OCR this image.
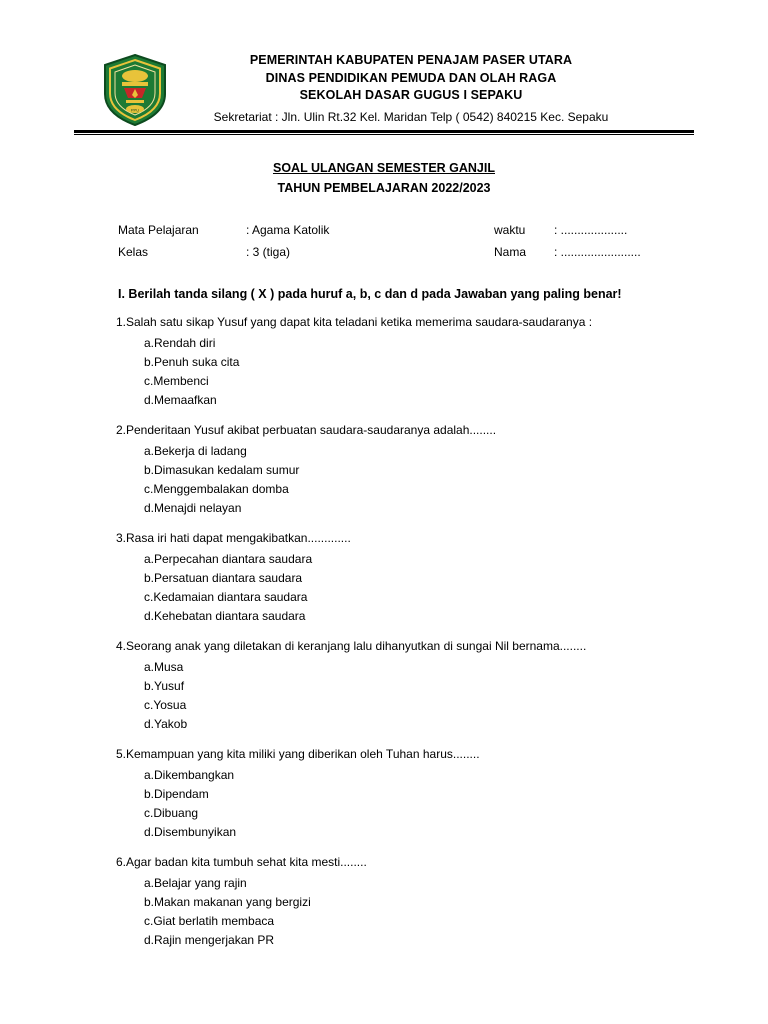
PPU
PEMERINTAH KABUPATEN PENAJAM PASER UTARA
DINAS PENDIDIKAN PEMUDA DAN OLAH RAGA
SEKOLAH DASAR GUGUS I SEPAKU
Sekretariat : Jln. Ulin Rt.32 Kel. Maridan Telp ( 0542) 840215 Kec. Sepaku
SOAL ULANGAN SEMESTER GANJIL
TAHUN PEMBELAJARAN 2022/2023
Mata Pelajaran	: Agama Katolik	waktu	: ....................
Kelas	: 3 (tiga)	Nama	: ........................
I. Berilah tanda silang ( X ) pada huruf a, b, c dan d pada Jawaban yang paling benar!
1.Salah satu sikap Yusuf yang dapat kita teladani ketika memerima saudara-saudaranya :
a.Rendah diri
b.Penuh suka cita
c.Membenci
d.Memaafkan
2.Penderitaan Yusuf akibat perbuatan saudara-saudaranya adalah........
a.Bekerja di ladang
b.Dimasukan kedalam sumur
c.Menggembalakan domba
d.Menajdi nelayan
3.Rasa iri hati dapat mengakibatkan.............
a.Perpecahan diantara saudara
b.Persatuan diantara saudara
c.Kedamaian diantara saudara
d.Kehebatan diantara saudara
4.Seorang anak yang diletakan di keranjang lalu dihanyutkan di sungai Nil bernama........
a.Musa
b.Yusuf
c.Yosua
d.Yakob
5.Kemampuan yang kita miliki yang diberikan oleh Tuhan harus........
a.Dikembangkan
b.Dipendam
c.Dibuang
d.Disembunyikan
6.Agar badan kita tumbuh sehat kita mesti........
a.Belajar yang rajin
b.Makan makanan yang bergizi
c.Giat berlatih membaca
d.Rajin mengerjakan PR
